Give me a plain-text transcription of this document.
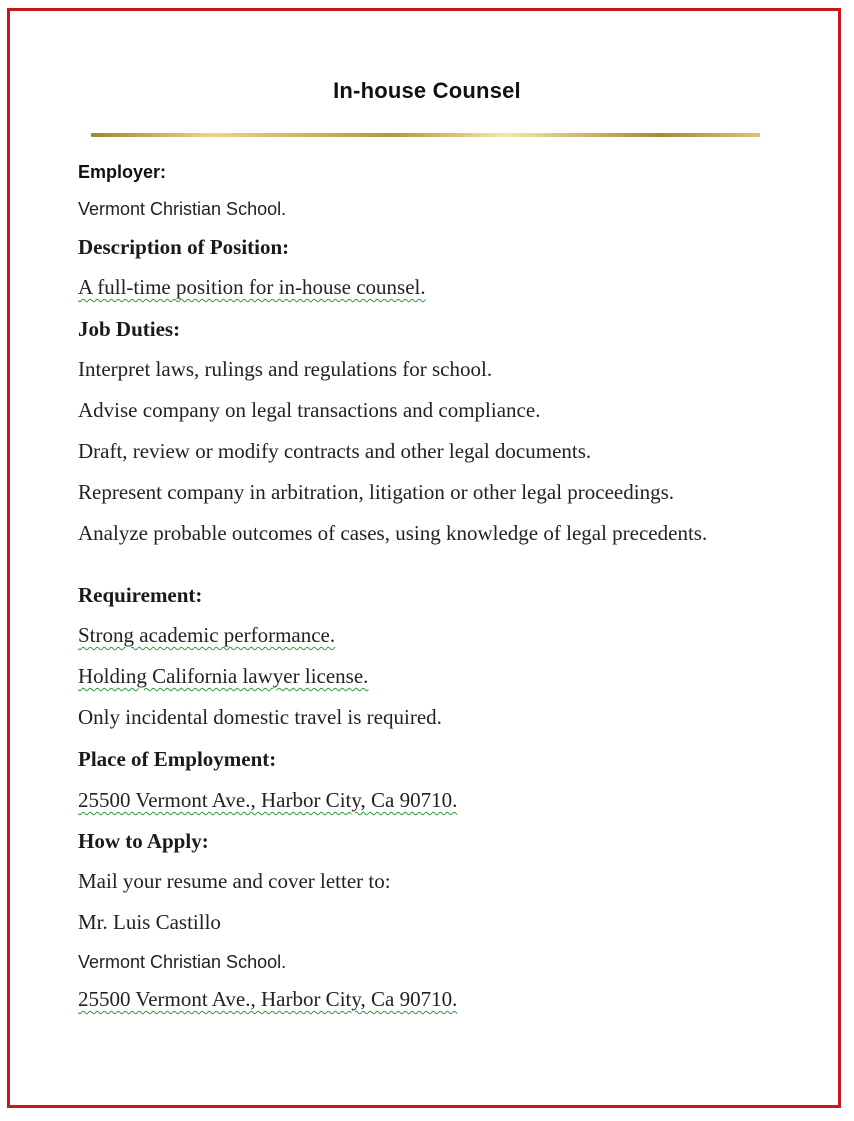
In-house Counsel

Employer:

Vermont Christian School.

Description of Position:

A full-time position for in-house counsel.

Job Duties:

Interpret laws, rulings and regulations for school.

Advise company on legal transactions and compliance.

Draft, review or modify contracts and other legal documents.

Represent company in arbitration, litigation or other legal proceedings.

Analyze probable outcomes of cases, using knowledge of legal precedents.

Requirement:

Strong academic performance.

Holding California lawyer license.

Only incidental domestic travel is required.

Place of Employment:

25500 Vermont Ave., Harbor City, Ca 90710.

How to Apply:

Mail your resume and cover letter to:

Mr. Luis Castillo

Vermont Christian School.

25500 Vermont Ave., Harbor City, Ca 90710.
